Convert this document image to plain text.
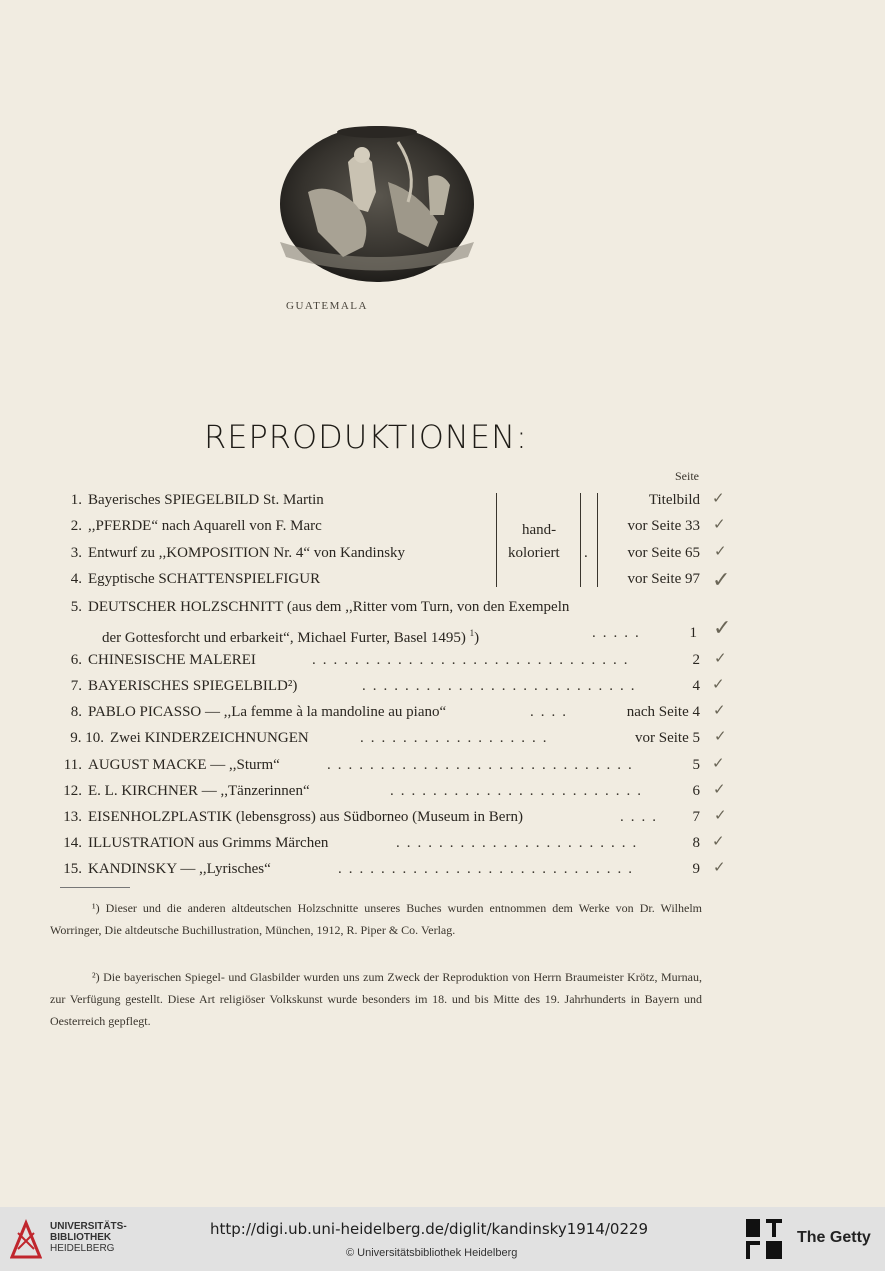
GUATEMALA
REPRODUKTIONEN:
Seite
1. Bayerisches SPIEGELBILD St. Martin	Titelbild
2. ,,PFERDE“ nach Aquarell von F. Marc	vor Seite 33
3. Entwurf zu ,,KOMPOSITION Nr. 4“ von Kandinsky	vor Seite 65
4. Egyptische SCHATTENSPIELFIGUR	vor Seite 97
hand-
koloriert .
5. DEUTSCHER HOLZSCHNITT (aus dem ,,Ritter vom Turn, von den Exempeln
der Gottesforcht und erbarkeit“, Michael Furter, Basel 1495) $^1$)	.....	1
6. CHINESISCHE MALEREI	..............................	2
7. BAYERISCHES SPIEGELBILD²)	..........................	4
8. PABLO PICASSO — ,,La femme à la mandoline au piano“	....	nach Seite 4
9. 10. Zwei KINDERZEICHNUNGEN	..................	vor Seite 5
11. AUGUST MACKE — ,,Sturm“	.............................	5
12. E. L. KIRCHNER — ,,Tänzerinnen“	........................	6
13. EISENHOLZPLASTIK (lebensgross) aus Südborneo (Museum in Bern)	....	7
14. ILLUSTRATION aus Grimms Märchen	.......................	8
15. KANDINSKY — ,,Lyrisches“	............................	9
✓
✓
✓
✓
✓
✓
✓
✓
✓
✓
✓
✓
✓
✓

¹) Dieser und die anderen altdeutschen Holzschnitte unseres Buches wurden entnommen dem Werke von Dr. Wilhelm Worringer, Die altdeutsche Buchillustration, München, 1912, R. Piper & Co. Verlag.

²) Die bayerischen Spiegel- und Glasbilder wurden uns zum Zweck der Reproduktion von Herrn Braumeister Krötz, Murnau, zur Verfügung gestellt. Diese Art religiöser Volkskunst wurde besonders im 18. und bis Mitte des 19. Jahrhunderts in Bayern und Oesterreich gepflegt.

UNIVERSITÄTS-
BIBLIOTHEK
HEIDELBERG
http://digi.ub.uni-heidelberg.de/diglit/kandinsky1914/0229
© Universitätsbibliothek Heidelberg
The Getty
